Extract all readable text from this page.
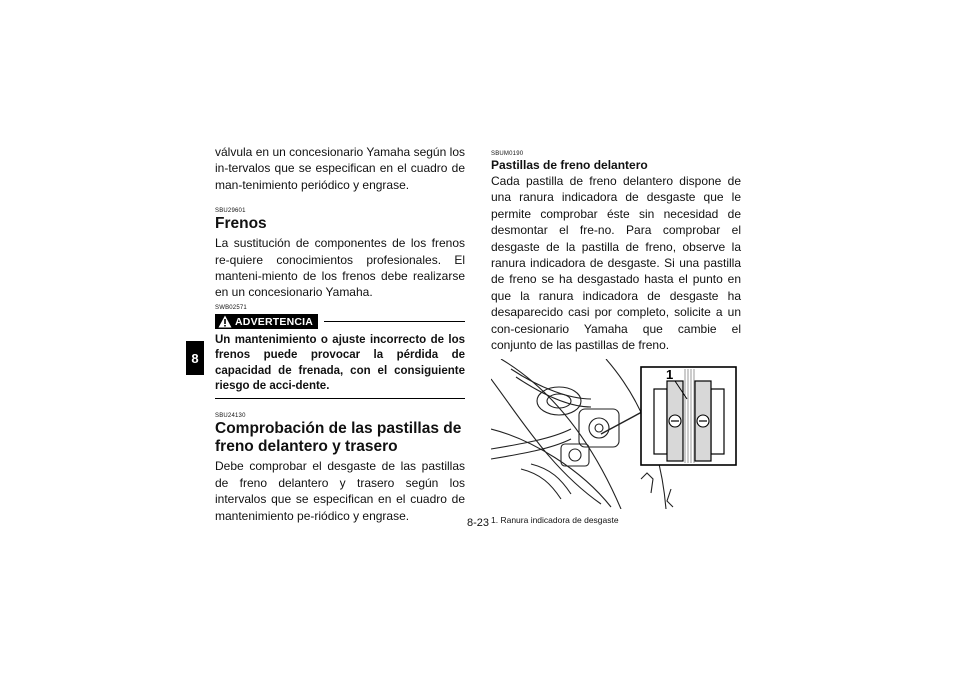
8

válvula en un concesionario Yamaha según los in-tervalos que se especifican en el cuadro de man-tenimiento periódico y engrase.

SBU29601

Frenos

La sustitución de componentes de los frenos re-quiere conocimientos profesionales. El manteni-miento de los frenos debe realizarse en un concesionario Yamaha.

SWB02571

ADVERTENCIA

Un mantenimiento o ajuste incorrecto de los frenos puede provocar la pérdida de capacidad de frenada, con el consiguiente riesgo de acci-dente.

SBU24130

Comprobación de las pastillas de freno delantero y trasero

Debe comprobar el desgaste de las pastillas de freno delantero y trasero según los intervalos que se especifican en el cuadro de mantenimiento pe-riódico y engrase.

SBUM0190

Pastillas de freno delantero

Cada pastilla de freno delantero dispone de una ranura indicadora de desgaste que le permite comprobar éste sin necesidad de desmontar el fre-no. Para comprobar el desgaste de la pastilla de freno, observe la ranura indicadora de desgaste. Si una pastilla de freno se ha desgastado hasta el punto en que la ranura indicadora de desgaste ha desaparecido casi por completo, solicite a un con-cesionario Yamaha que cambie el conjunto de las pastillas de freno.

1
1. Ranura indicadora de desgaste
8-23
